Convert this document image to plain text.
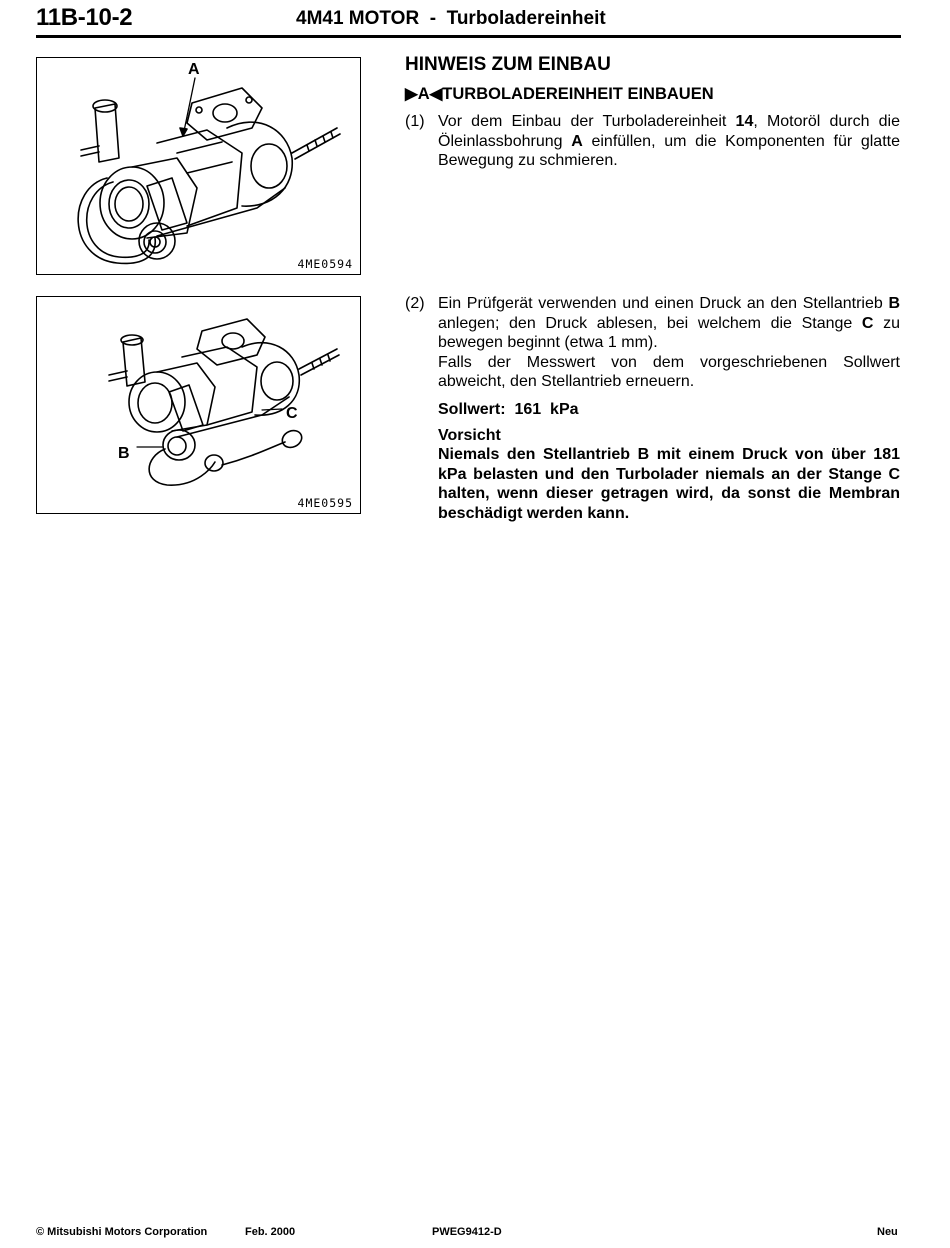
11B-10-2	4M41 MOTOR  -  Turboladereinheit
A
4ME0594
B
C
4ME0595
HINWEIS ZUM EINBAU
▶A◀TURBOLADEREINHEIT EINBAUEN
(1) Vor dem Einbau der Turboladereinheit 14, Motoröl durch die Öleinlassbohrung A einfüllen, um die Komponenten für glatte Bewegung zu schmieren.

(2) Ein Prüfgerät verwenden und einen Druck an den Stellantrieb B anlegen; den Druck ablesen, bei welchem die Stange C zu bewegen beginnt (etwa 1 mm).

Falls der Messwert von dem vorgeschriebenen Sollwert abweicht, den Stellantrieb erneuern.

Sollwert:  161  kPa

Vorsicht

Niemals den Stellantrieb B mit einem Druck von über 181 kPa belasten und den Turbolader niemals an der Stange C halten, wenn dieser getragen wird, da sonst die Membran beschädigt werden kann.

© Mitsubishi Motors Corporation	Feb. 2000	PWEG9412-D	Neu
